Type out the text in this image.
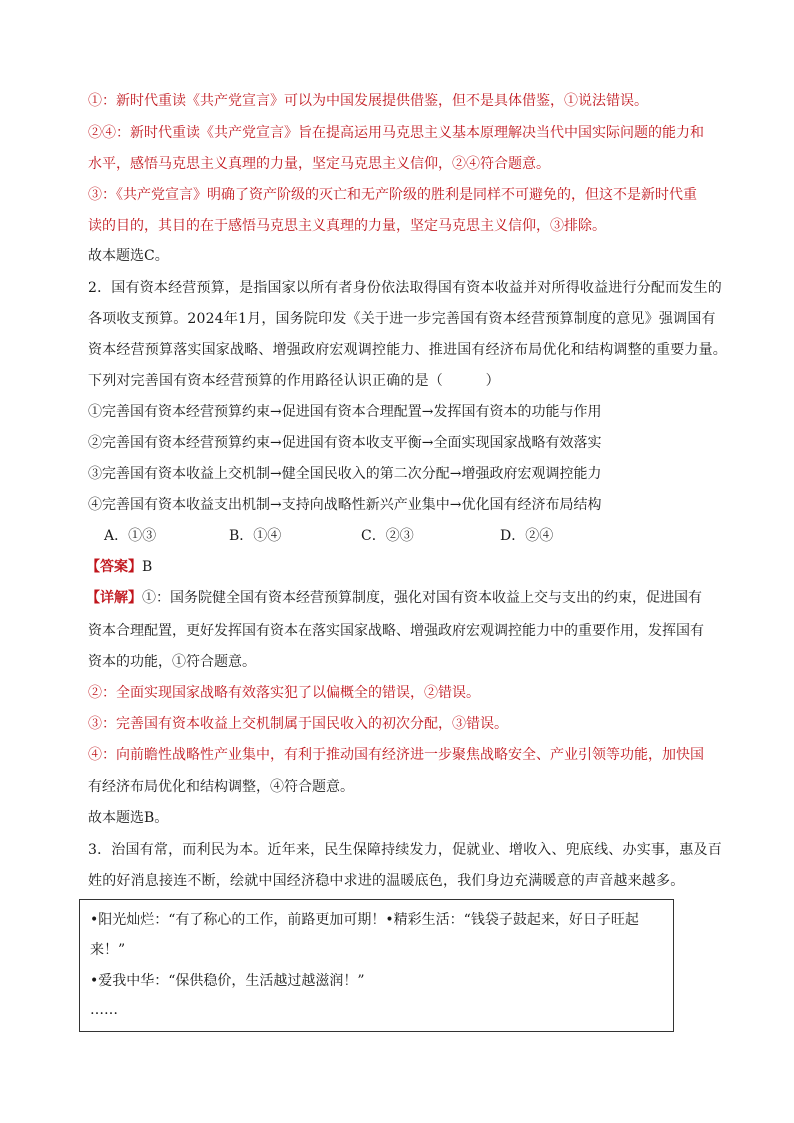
①：新时代重读《共产党宣言》可以为中国发展提供借鉴，但不是具体借鉴，①说法错误。
②④：新时代重读《共产党宣言》旨在提高运用马克思主义基本原理解决当代中国实际问题的能力和
水平，感悟马克思主义真理的力量，坚定马克思主义信仰，②④符合题意。
③：《共产党宣言》明确了资产阶级的灭亡和无产阶级的胜利是同样不可避免的，但这不是新时代重
读的目的，其目的在于感悟马克思主义真理的力量，坚定马克思主义信仰，③排除。
故本题选C。
2．国有资本经营预算，是指国家以所有者身份依法取得国有资本收益并对所得收益进行分配而发生的
各项收支预算。2024年1月，国务院印发《关于进一步完善国有资本经营预算制度的意见》强调国有
资本经营预算落实国家战略、增强政府宏观调控能力、推进国有经济布局优化和结构调整的重要力量。
下列对完善国有资本经营预算的作用路径认识正确的是（　　　）
①完善国有资本经营预算约束→促进国有资本合理配置→发挥国有资本的功能与作用
②完善国有资本经营预算约束→促进国有资本收支平衡→全面实现国家战略有效落实
③完善国有资本收益上交机制→健全国民收入的第二次分配→增强政府宏观调控能力
④完善国有资本收益支出机制→支持向战略性新兴产业集中→优化国有经济布局结构
A．①③	B．①④	C．②③	D．②④
【答案】B
【详解】①：国务院健全国有资本经营预算制度，强化对国有资本收益上交与支出的约束，促进国有
资本合理配置，更好发挥国有资本在落实国家战略、增强政府宏观调控能力中的重要作用，发挥国有
资本的功能，①符合题意。
②：全面实现国家战略有效落实犯了以偏概全的错误，②错误。
③：完善国有资本收益上交机制属于国民收入的初次分配，③错误。
④：向前瞻性战略性产业集中，有利于推动国有经济进一步聚焦战略安全、产业引领等功能，加快国
有经济布局优化和结构调整，④符合题意。
故本题选B。
3．治国有常，而利民为本。近年来，民生保障持续发力，促就业、增收入、兜底线、办实事，惠及百
姓的好消息接连不断，绘就中国经济稳中求进的温暖底色，我们身边充满暖意的声音越来越多。
•阳光灿烂：“有了称心的工作，前路更加可期！•精彩生活：“钱袋子鼓起来，好日子旺起
来！”
•爱我中华：“保供稳价，生活越过越滋润！”
……
